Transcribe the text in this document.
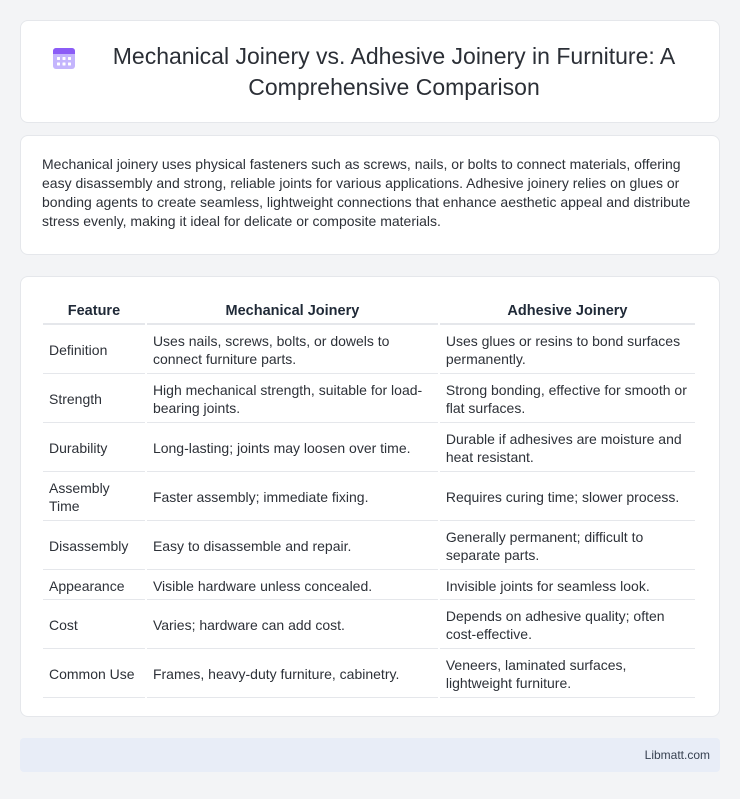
Mechanical Joinery vs. Adhesive Joinery in Furniture: A Comprehensive Comparison

Mechanical joinery uses physical fasteners such as screws, nails, or bolts to connect materials, offering easy disassembly and strong, reliable joints for various applications. Adhesive joinery relies on glues or bonding agents to create seamless, lightweight connections that enhance aesthetic appeal and distribute stress evenly, making it ideal for delicate or composite materials.

Feature	Mechanical Joinery	Adhesive Joinery
Definition	Uses nails, screws, bolts, or dowels to connect furniture parts.	Uses glues or resins to bond surfaces permanently.
Strength	High mechanical strength, suitable for load-bearing joints.	Strong bonding, effective for smooth or flat surfaces.
Durability	Long-lasting; joints may loosen over time.	Durable if adhesives are moisture and heat resistant.
Assembly Time	Faster assembly; immediate fixing.	Requires curing time; slower process.
Disassembly	Easy to disassemble and repair.	Generally permanent; difficult to separate parts.
Appearance	Visible hardware unless concealed.	Invisible joints for seamless look.
Cost	Varies; hardware can add cost.	Depends on adhesive quality; often cost-effective.
Common Use	Frames, heavy-duty furniture, cabinetry.	Veneers, laminated surfaces, lightweight furniture.
Libmatt.com
